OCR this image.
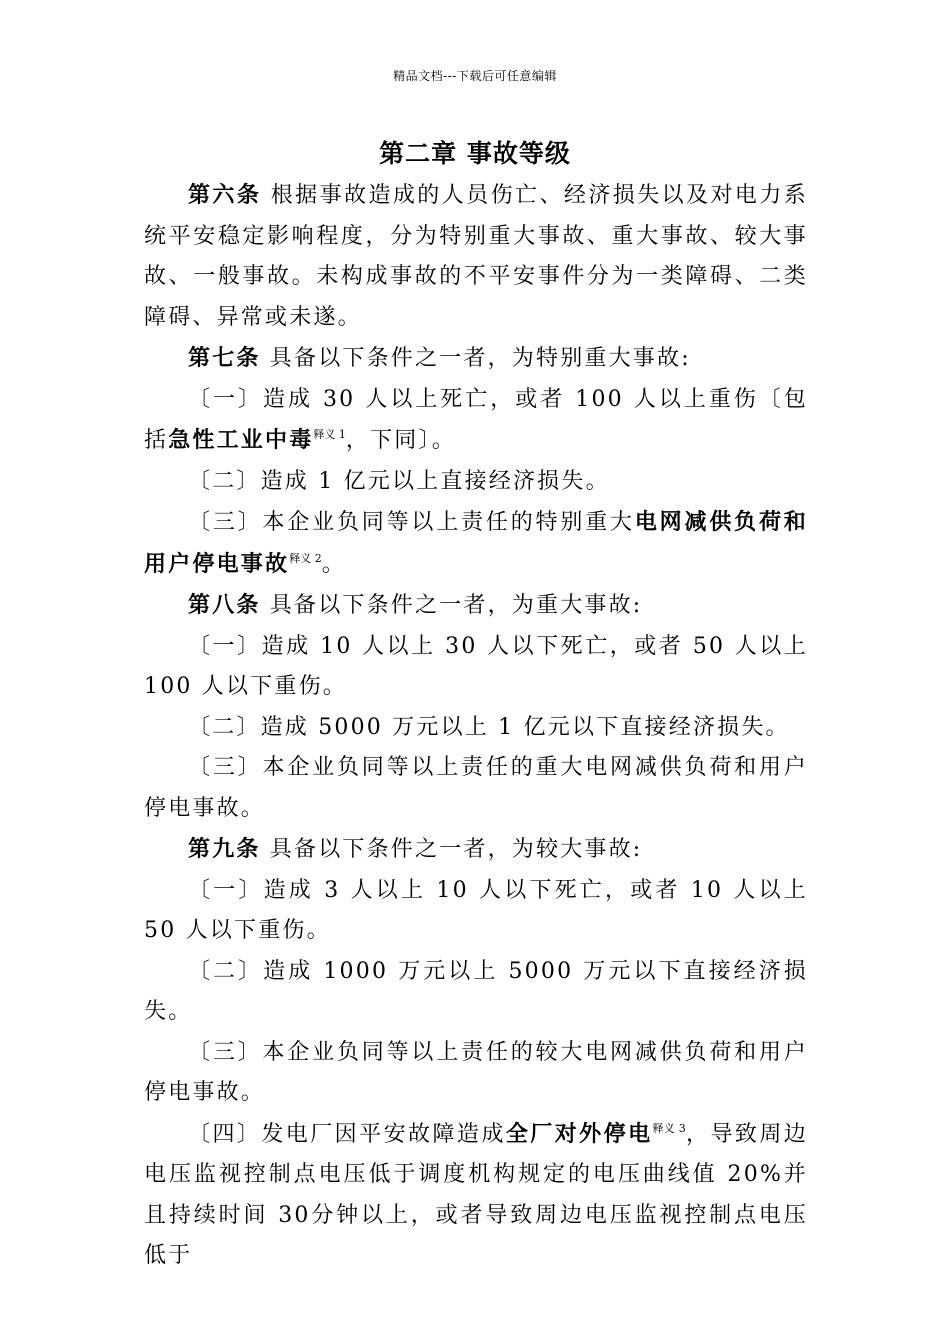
精品文档---下载后可任意编辑
第二章 事故等级

第六条 根据事故造成的人员伤亡、经济损失以及对电力系统平安稳定影响程度，分为特别重大事故、重大事故、较大事故、一般事故。未构成事故的不平安事件分为一类障碍、二类障碍、异常或未遂。

第七条 具备以下条件之一者，为特别重大事故:

〔一〕造成 30 人以上死亡，或者 100 人以上重伤〔包括急性工业中毒$^{释义 1}$，下同〕。

〔二〕造成 1 亿元以上直接经济损失。

〔三〕本企业负同等以上责任的特别重大电网减供负荷和用户停电事故$^{释义 2}$。

第八条 具备以下条件之一者，为重大事故:

〔一〕造成 10 人以上 30 人以下死亡，或者 50 人以上 100 人以下重伤。

〔二〕造成 5000 万元以上 1 亿元以下直接经济损失。

〔三〕本企业负同等以上责任的重大电网减供负荷和用户停电事故。

第九条 具备以下条件之一者，为较大事故:

〔一〕造成 3 人以上 10 人以下死亡，或者 10 人以上 50 人以下重伤。

〔二〕造成 1000 万元以上 5000 万元以下直接经济损失。

〔三〕本企业负同等以上责任的较大电网减供负荷和用户停电事故。

〔四〕发电厂因平安故障造成全厂对外停电$^{释义 3}$，导致周边电压监视控制点电压低于调度机构规定的电压曲线值 20%并且持续时间 30分钟以上，或者导致周边电压监视控制点电压低于
